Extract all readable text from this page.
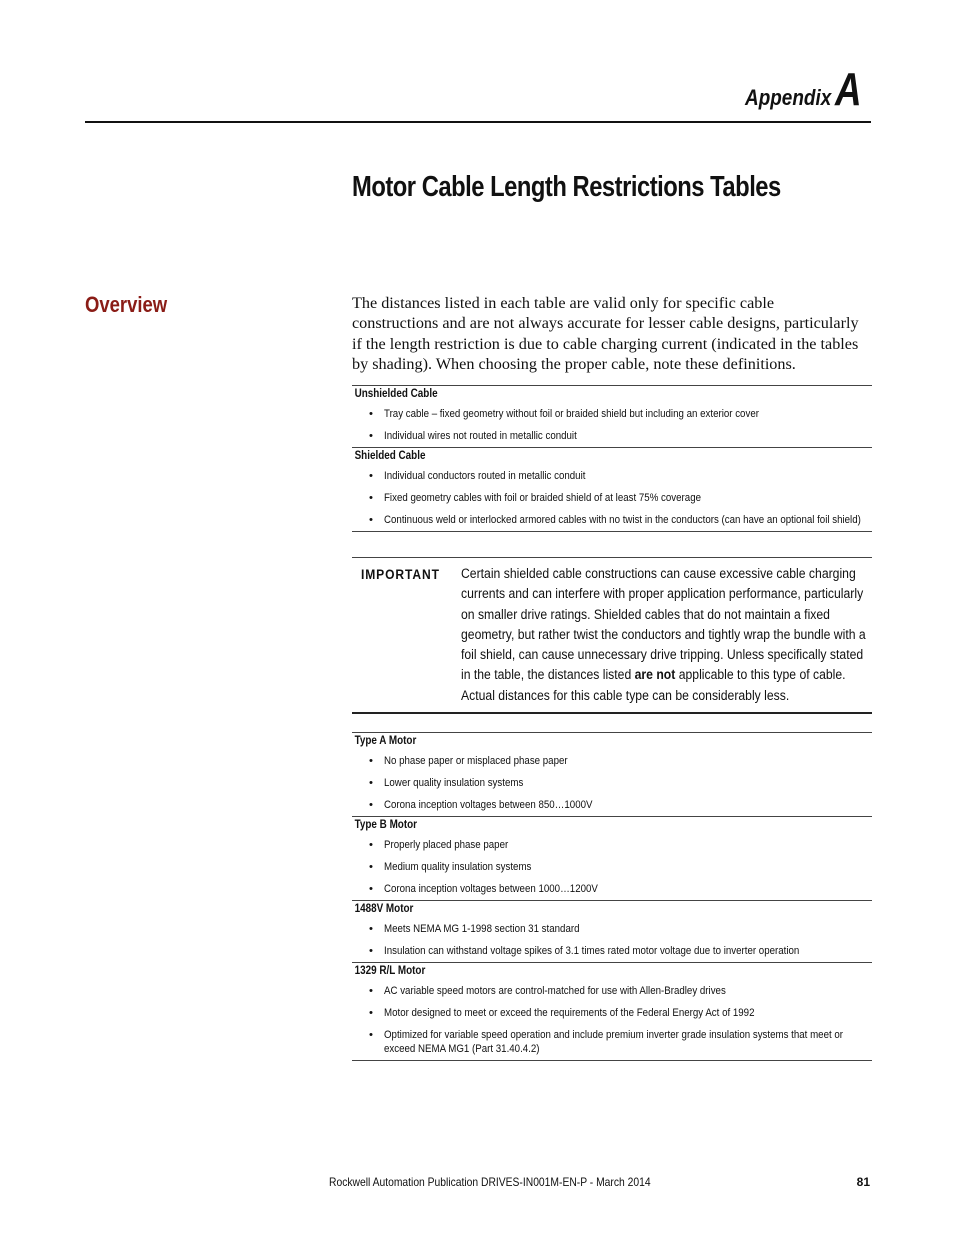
Appendix A
Motor Cable Length Restrictions Tables
Overview	The distances listed in each table are valid only for specific cable constructions and are not always accurate for lesser cable designs, particularly if the length restriction is due to cable charging current (indicated in the tables by shading). When choosing the proper cable, note these definitions.

Unshielded Cable
• Tray cable – fixed geometry without foil or braided shield but including an exterior cover
• Individual wires not routed in metallic conduit
Shielded Cable
• Individual conductors routed in metallic conduit
• Fixed geometry cables with foil or braided shield of at least 75% coverage
• Continuous weld or interlocked armored cables with no twist in the conductors (can have an optional foil shield)
IMPORTANT Certain shielded cable constructions can cause excessive cable charging currents and can interfere with proper application performance, particularly on smaller drive ratings. Shielded cables that do not maintain a fixed geometry, but rather twist the conductors and tightly wrap the bundle with a foil shield, can cause unnecessary drive tripping. Unless specifically stated in the table, the distances listed are not applicable to this type of cable. Actual distances for this cable type can be considerably less.

Type A Motor
• No phase paper or misplaced phase paper
• Lower quality insulation systems
• Corona inception voltages between 850…1000V
Type B Motor
• Properly placed phase paper
• Medium quality insulation systems
• Corona inception voltages between 1000…1200V
1488V Motor
• Meets NEMA MG 1-1998 section 31 standard
• Insulation can withstand voltage spikes of 3.1 times rated motor voltage due to inverter operation
1329 R/L Motor
• AC variable speed motors are control-matched for use with Allen-Bradley drives
• Motor designed to meet or exceed the requirements of the Federal Energy Act of 1992
• Optimized for variable speed operation and include premium inverter grade insulation systems that meet or exceed NEMA MG1 (Part 31.40.4.2)
Rockwell Automation Publication DRIVES-IN001M-EN-P - March 2014	81
